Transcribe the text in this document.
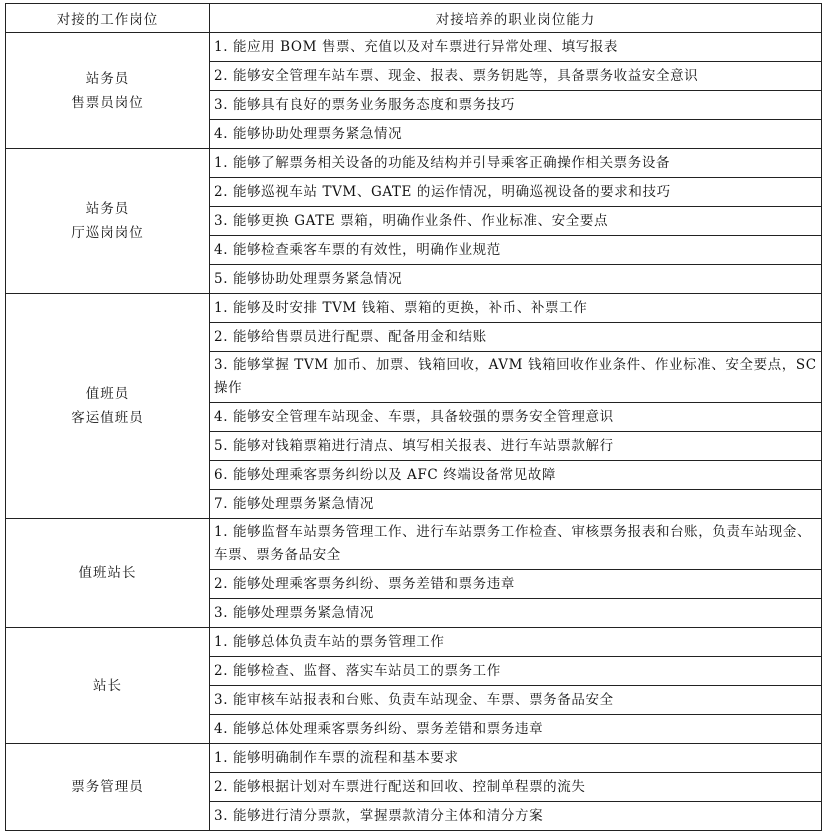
对接的工作岗位	对接培养的职业岗位能力

站务员
售票员岗位	1. 能应用 BOM 售票、充值以及对车票进行异常处理、填写报表
	2. 能够安全管理车站车票、现金、报表、票务钥匙等，具备票务收益安全意识
	3. 能够具有良好的票务业务服务态度和票务技巧
	4. 能够协助处理票务紧急情况

站务员
厅巡岗岗位	1. 能够了解票务相关设备的功能及结构并引导乘客正确操作相关票务设备
	2. 能够巡视车站 TVM、GATE 的运作情况，明确巡视设备的要求和技巧
	3. 能够更换 GATE 票箱，明确作业条件、作业标准、安全要点
	4. 能够检查乘客车票的有效性，明确作业规范
	5. 能够协助处理票务紧急情况

值班员
客运值班员	1. 能够及时安排 TVM 钱箱、票箱的更换，补币、补票工作
	2. 能够给售票员进行配票、配备用金和结账
	3. 能够掌握 TVM 加币、加票、钱箱回收，AVM 钱箱回收作业条件、作业标准、安全要点，SC 操作
	4. 能够安全管理车站现金、车票，具备较强的票务安全管理意识
	5. 能够对钱箱票箱进行清点、填写相关报表、进行车站票款解行
	6. 能够处理乘客票务纠纷以及 AFC 终端设备常见故障
	7. 能够处理票务紧急情况

值班站长	1. 能够监督车站票务管理工作、进行车站票务工作检查、审核票务报表和台账，负责车站现金、车票、票务备品安全
	2. 能够处理乘客票务纠纷、票务差错和票务违章
	3. 能够处理票务紧急情况

站长	1. 能够总体负责车站的票务管理工作
	2. 能够检查、监督、落实车站员工的票务工作
	3. 能审核车站报表和台账、负责车站现金、车票、票务备品安全
	4. 能够总体处理乘客票务纠纷、票务差错和票务违章

票务管理员	1. 能够明确制作车票的流程和基本要求
	2. 能够根据计划对车票进行配送和回收、控制单程票的流失
	3. 能够进行清分票款，掌握票款清分主体和清分方案
